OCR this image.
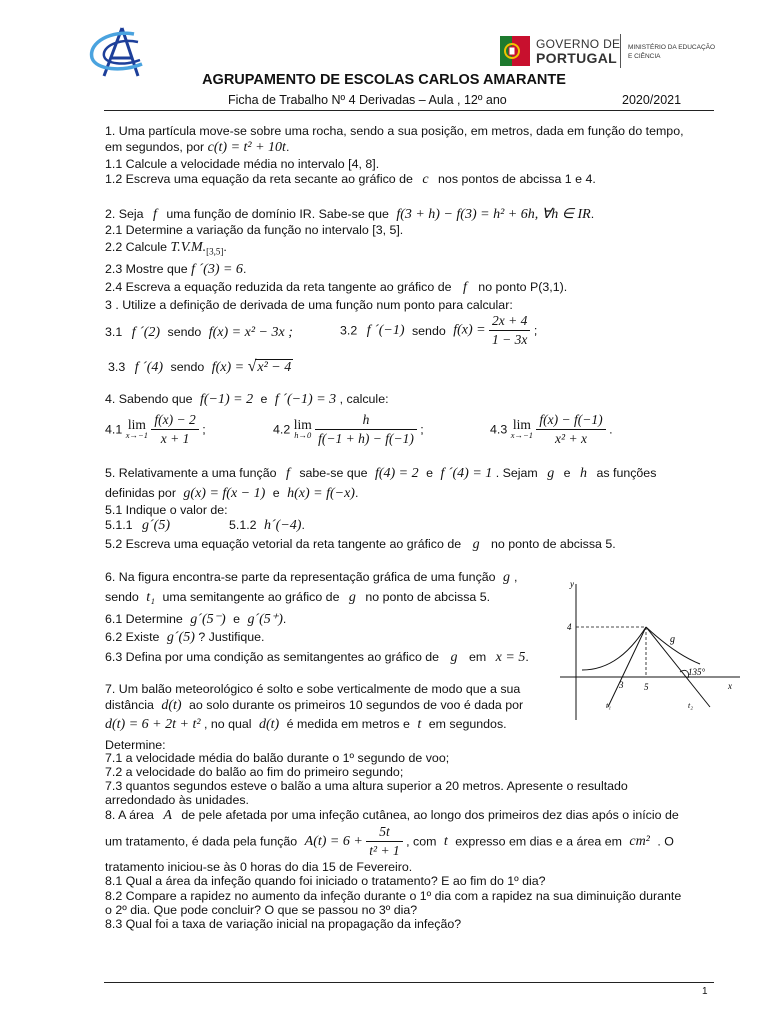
GOVERNO DE
PORTUGAL
MINISTÉRIO DA EDUCAÇÃO
E CIÊNCIA
AGRUPAMENTO DE ESCOLAS CARLOS AMARANTE
Ficha de Trabalho Nº 4 Derivadas – Aula , 12º ano	2020/2021
1. Uma partícula move-se sobre uma rocha, sendo a sua posição, em metros, dada em função do tempo,
em segundos, por c(t) = t² + 10t.
1.1 Calcule a velocidade média no intervalo [4, 8].
1.2 Escreva uma equação da reta secante ao gráfico de c nos pontos de abcissa 1 e 4.
2. Seja f uma função de domínio IR. Sabe-se que f(3 + h) − f(3) = h² + 6h, ∀h ∈ IR.
2.1 Determine a variação da função no intervalo [3, 5].
2.2 Calcule $T.V.M._{[3,5]}$.
2.3 Mostre que f ´(3) = 6.
2.4 Escreva a equação reduzida da reta tangente ao gráfico de f no ponto P(3,1).
3 . Utilize a definição de derivada de uma função num ponto para calcular:
3.1 f ´(2) sendo f(x) = x² − 3x ;	3.2 f ´(−1) sendo $f(x) = \frac{2x + 4}{1 - 3x}$ ;
3.3 f ´(4) sendo f(x) = √x² − 4
4. Sabendo que f(−1) = 2 e f ´(−1) = 3 , calcule:
4.1 lim
x→−1
$\frac{f(x) - 2}{x + 1}$ ;	4.2 lim
h→0
$\frac{h}{f(-1 + h) - f(-1)}$ ;	4.3 lim
x→−1
$\frac{f(x) - f(-1)}{\text{x² + x}}$ .
5. Relativamente a uma função f sabe-se que f(4) = 2 e f ´(4) = 1 . Sejam g e h as funções
definidas por g(x) = f(x − 1) e h(x) = f(−x).
5.1 Indique o valor de:
5.1.1 g´(5)	5.1.2 h´(−4).
5.2 Escreva uma equação vetorial da reta tangente ao gráfico de g no ponto de abcissa 5.
6. Na figura encontra-se parte da representação gráfica de uma função g ,
sendo t₁ uma semitangente ao gráfico de g no ponto de abcissa 5.
6.1 Determine g´(5⁻) e g´(5⁺).
6.2 Existe g´(5) ? Justifique.
6.3 Defina por uma condição as semitangentes ao gráfico de g em x = 5.
y
x
4
3 5
g
t₁	t₂
135°
7. Um balão meteorológico é solto e sobe verticalmente de modo que a sua
distância d(t) ao solo durante os primeiros 10 segundos de voo é dada por
d(t) = 6 + 2t + t² , no qual d(t) é medida em metros e t em segundos.
Determine:
7.1 a velocidade média do balão durante o 1º segundo de voo;
7.2 a velocidade do balão ao fim do primeiro segundo;
7.3 quantos segundos esteve o balão a uma altura superior a 20 metros. Apresente o resultado
arredondado às unidades.
8. A área A de pele afetada por uma infeção cutânea, ao longo dos primeiros dez dias após o início de
um tratamento, é dada pela função $A(t) = 6 + \frac{5t}{\text{t² + 1}}$ , com t expresso em dias e a área em cm² . O
tratamento iniciou-se às 0 horas do dia 15 de Fevereiro.
8.1 Qual a área da infeção quando foi iniciado o tratamento? E ao fim do 1º dia?
8.2 Compare a rapidez no aumento da infeção durante o 1º dia com a rapidez na sua diminuição durante
o 2º dia. Que pode concluir? O que se passou no 3º dia?
8.3 Qual foi a taxa de variação inicial na propagação da infeção?
1
